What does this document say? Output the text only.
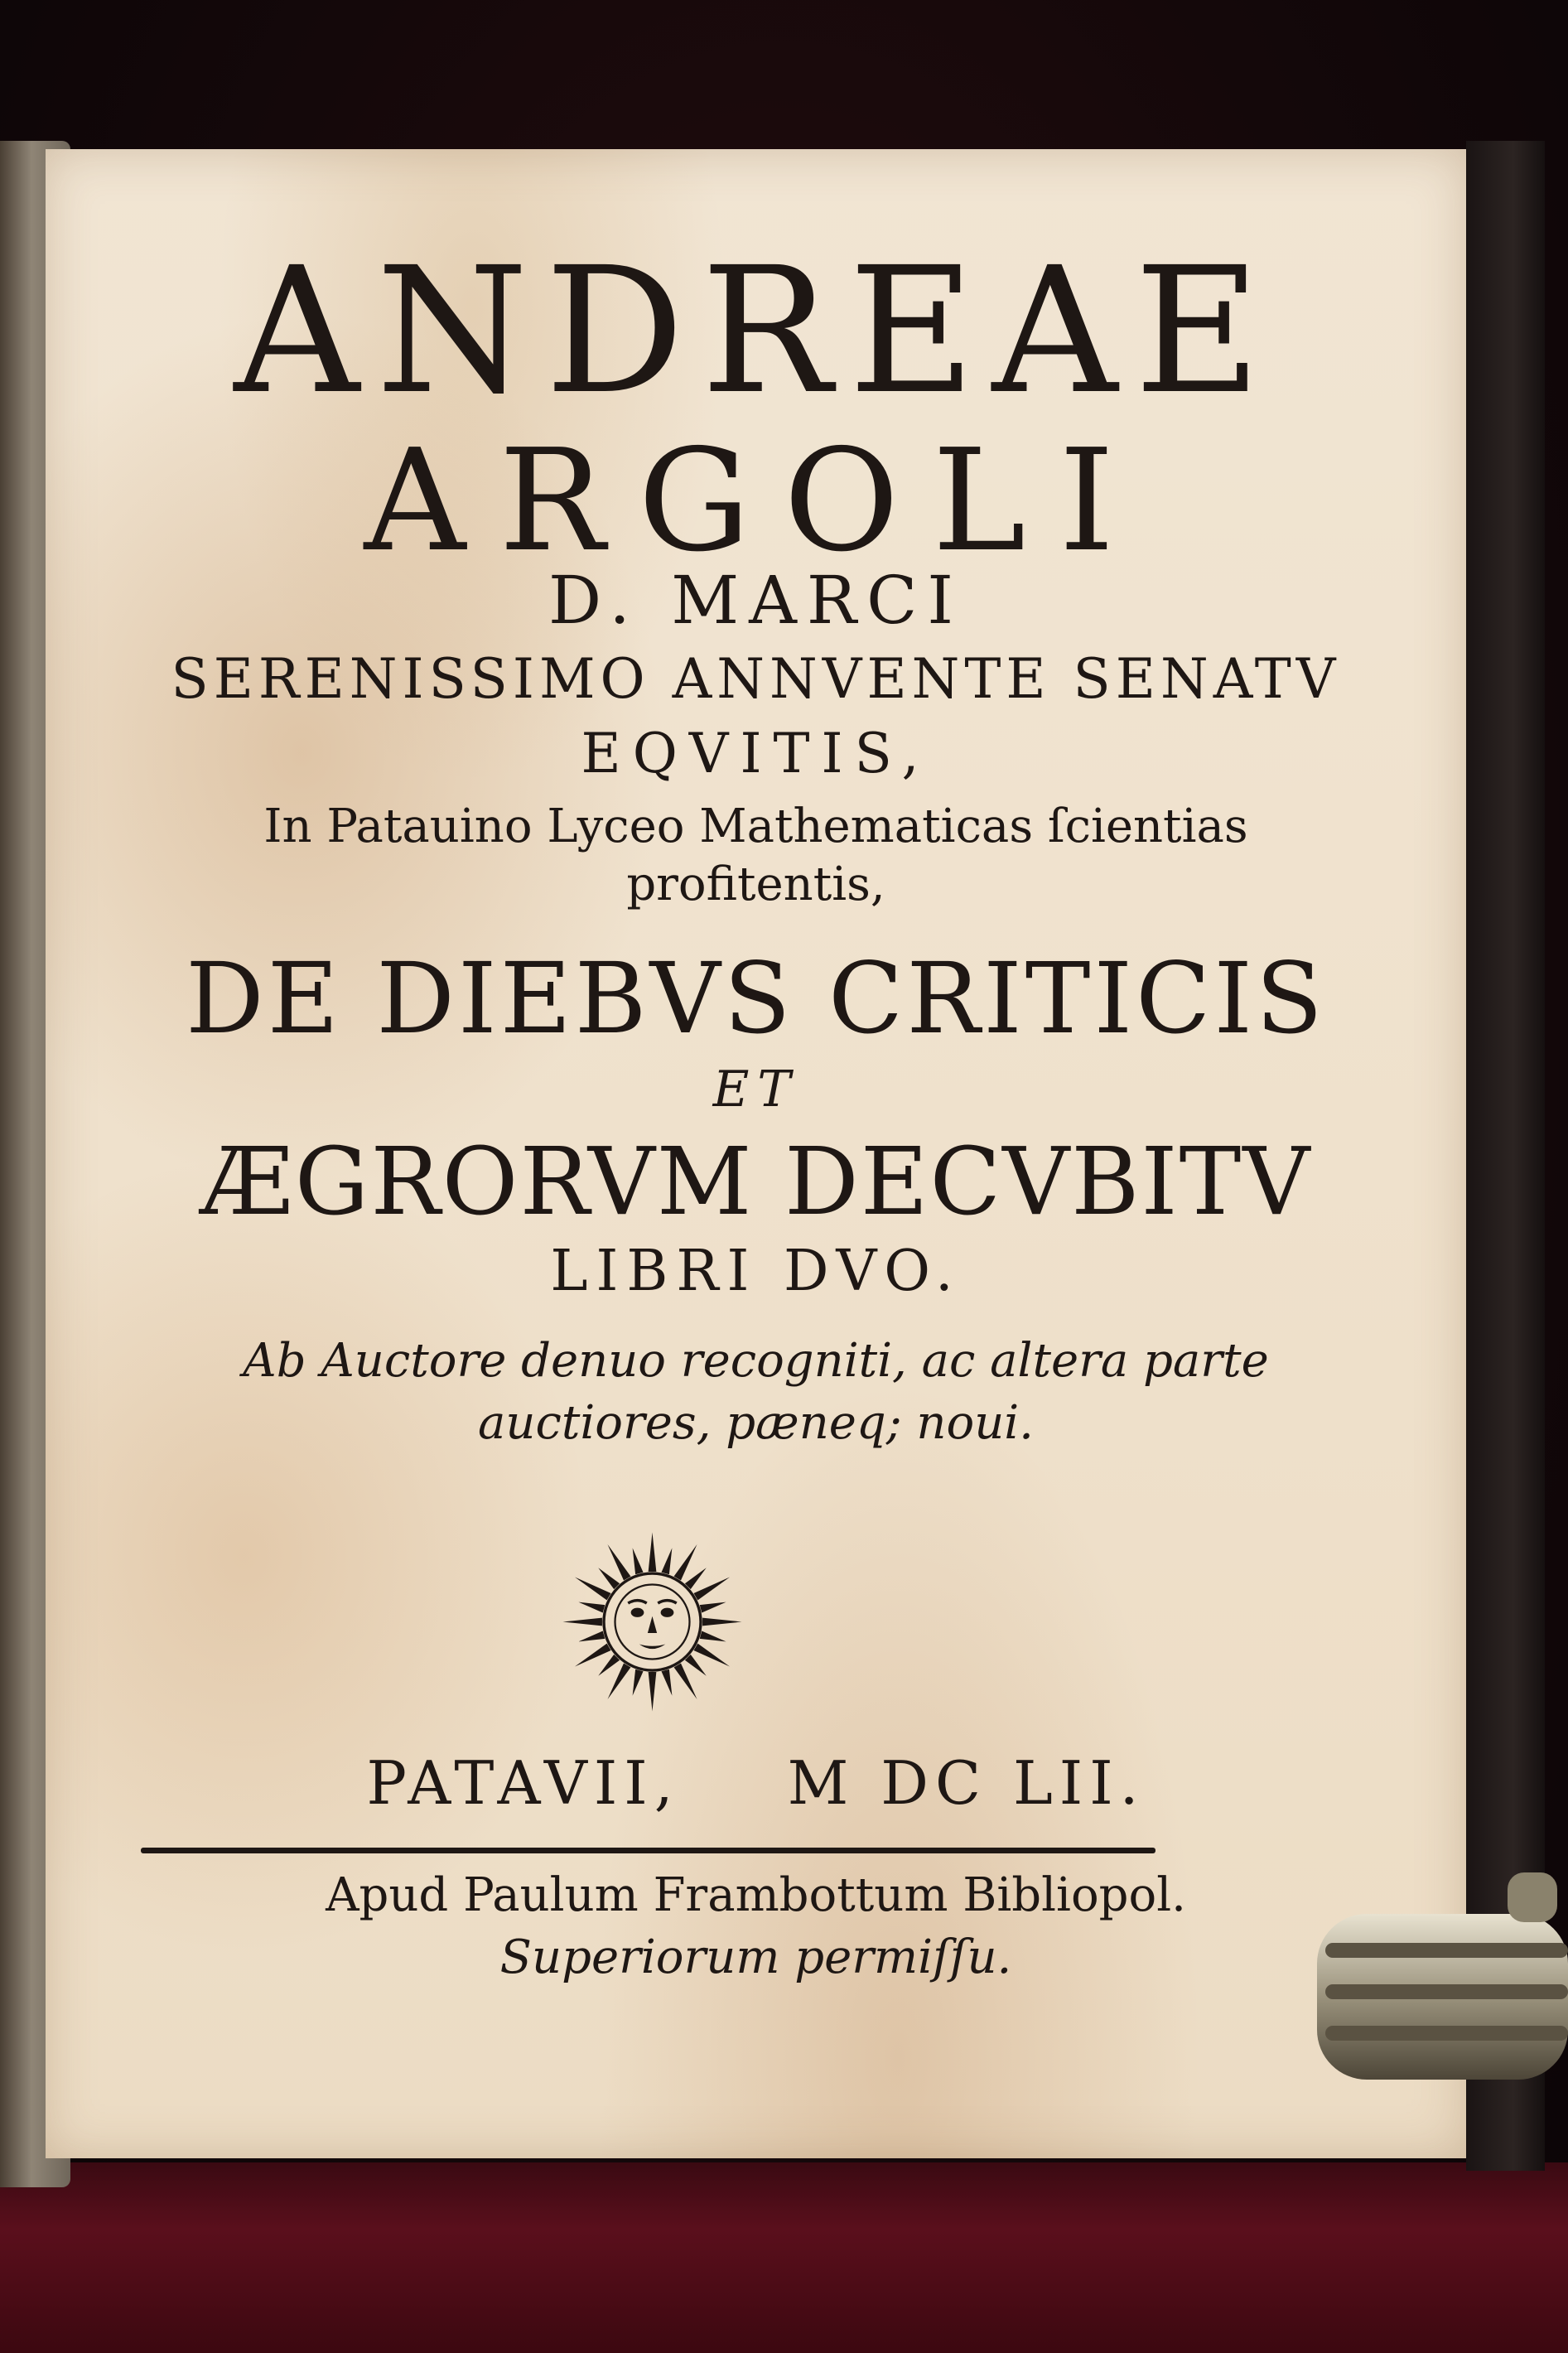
ANDREAE

ARGOLI

D. MARCI

SERENISSIMO ANNVENTE SENATV

EQVITIS,

In Patauino Lyceo Mathematicas ſcientias

profitentis,

DE DIEBVS CRITICIS

ET

ÆGRORVM DECVBITV

LIBRI DVO.

Ab Auctore denuo recogniti, ac altera parte

auctiores, pæneq; noui.

PATAVII, M DC LII.

Apud Paulum Frambottum Bibliopol.

Superiorum permiſſu.
